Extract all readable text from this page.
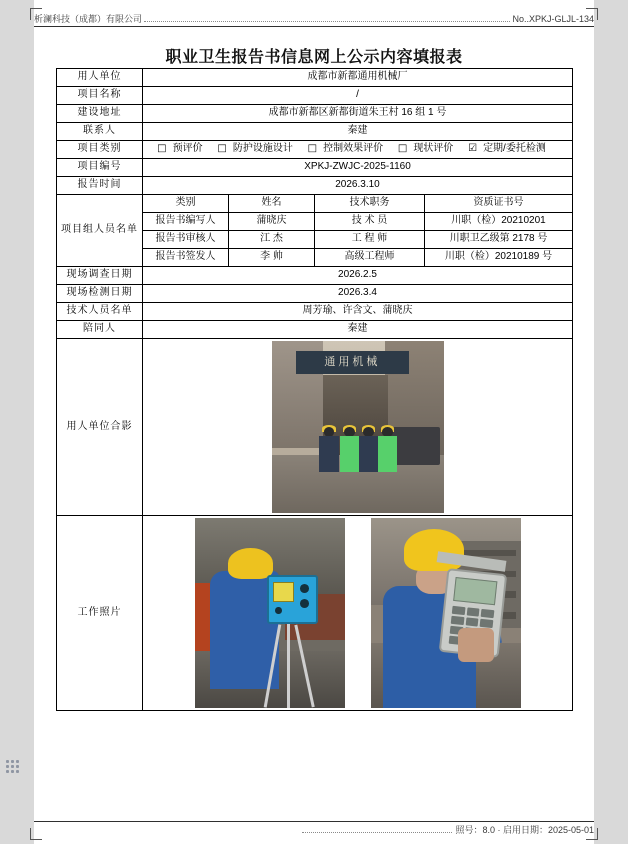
析澜科技（成都）有限公司	No..XPKJ-GLJL-134
职业卫生报告书信息网上公示内容填报表
用人单位	成都市新都通用机械厂			
项目名称	/			
建设地址	成都市新都区新都街道朱王村 16 组 1 号			
联系人	秦建			
项目类别	□ 预评价 □ 防护设施设计 □ 控制效果评价 □ 现状评价 ☑ 定期/委托检测			
项目编号	XPKJ-ZWJC-2025-1160			
报告时间	2026.3.10			
项目组人员名单	类别	姓名	技术职务	资质证书号
	报告书编写人	蒲晓庆	技 术 员	川职（检）20210201
	报告书审核人	江 杰	工 程 师	川职卫乙级第 2178 号
	报告书签发人	李 帅	高级工程师	川职（检）20210189 号
现场调查日期	2026.2.5			
现场检测日期	2026.3.4			
技术人员名单	周芳瑜、许含文、蒲晓庆			
陪同人	秦建			
用人单位合影	通用机械			

工作照片				
照号：8.0 · 启用日期：2025-05-01
